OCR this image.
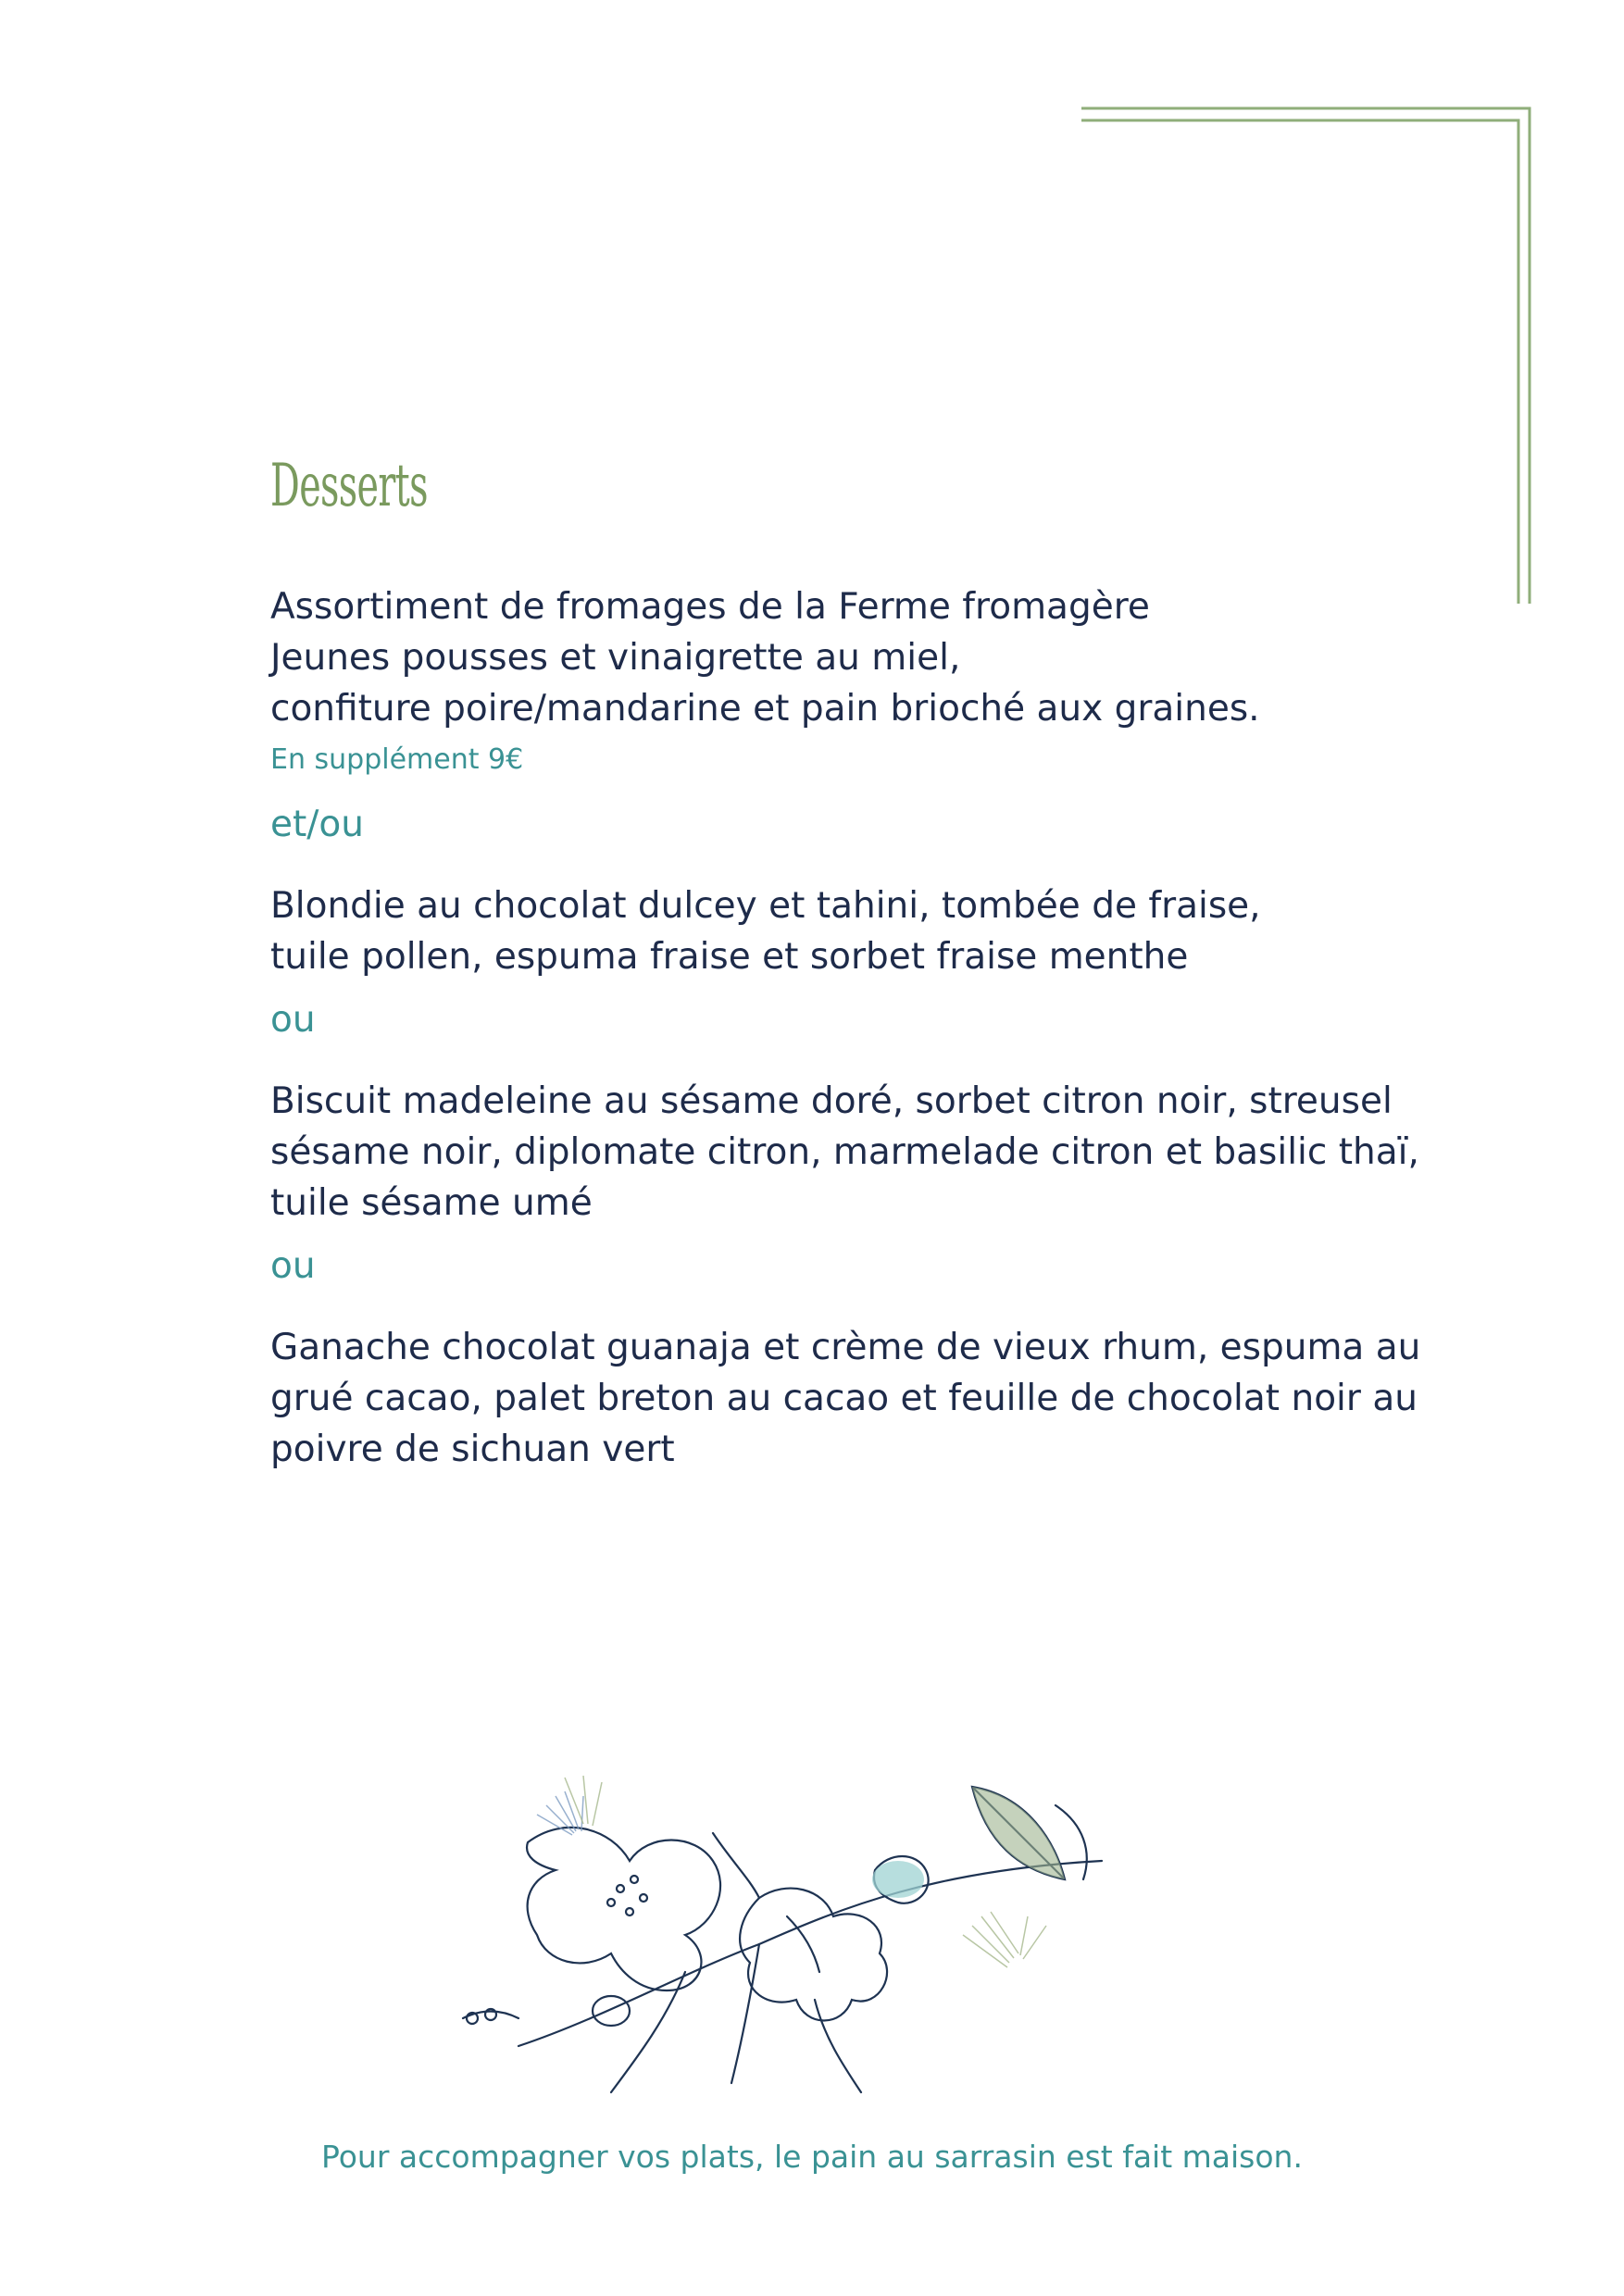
Desserts
Assortiment de fromages de la Ferme fromagère
Jeunes pousses et vinaigrette au miel,
confiture poire/mandarine et pain brioché aux graines.
En supplément 9€
et/ou
Blondie au chocolat dulcey et tahini, tombée de fraise,
tuile pollen, espuma fraise et sorbet fraise menthe
ou
Biscuit madeleine au sésame doré, sorbet citron noir, streusel
sésame noir, diplomate citron, marmelade citron et basilic thaï,
tuile sésame umé
ou
Ganache chocolat guanaja et crème de vieux rhum, espuma au
grué cacao, palet breton au cacao et feuille de chocolat noir au
poivre de sichuan vert
Pour accompagner vos plats, le pain au sarrasin est fait maison.
